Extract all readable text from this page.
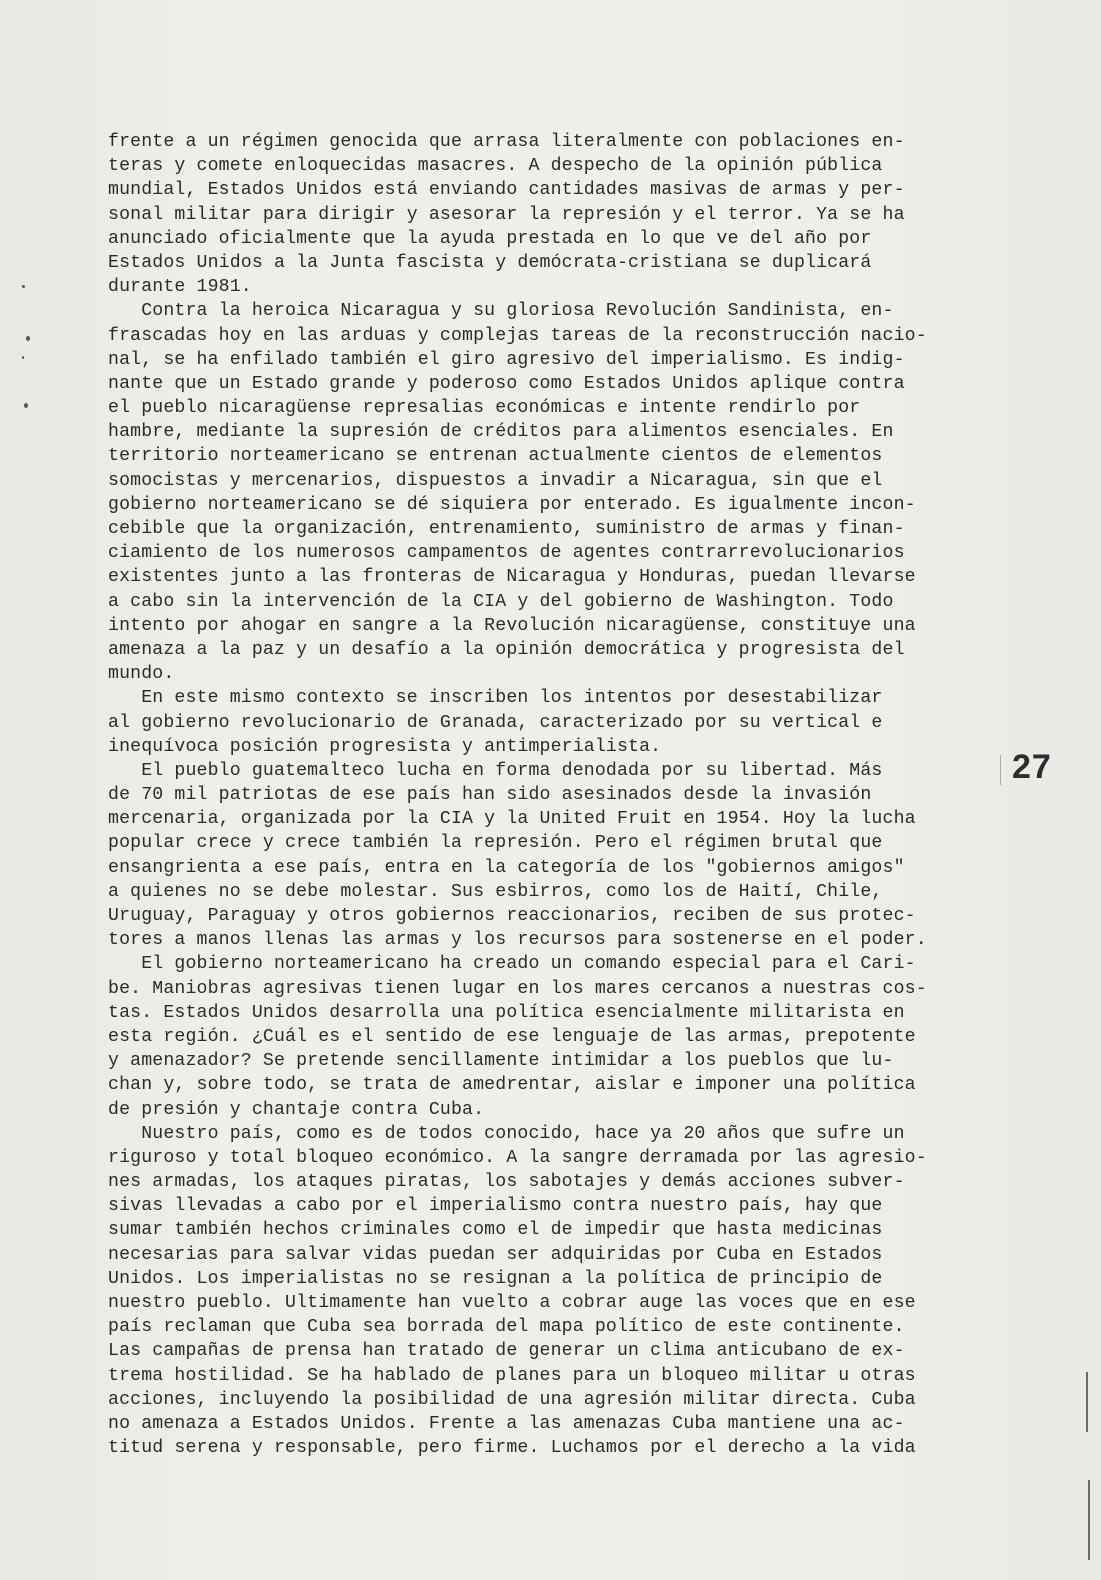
frente a un régimen genocida que arrasa literalmente con poblaciones en-
teras y comete enloquecidas masacres. A despecho de la opinión pública
mundial, Estados Unidos está enviando cantidades masivas de armas y per-
sonal militar para dirigir y asesorar la represión y el terror. Ya se ha
anunciado oficialmente que la ayuda prestada en lo que ve del año por
Estados Unidos a la Junta fascista y demócrata-cristiana se duplicará
durante 1981.
Contra la heroica Nicaragua y su gloriosa Revolución Sandinista, en-
frascadas hoy en las arduas y complejas tareas de la reconstrucción nacio-
nal, se ha enfilado también el giro agresivo del imperialismo. Es indig-
nante que un Estado grande y poderoso como Estados Unidos aplique contra
el pueblo nicaragüense represalias económicas e intente rendirlo por
hambre, mediante la supresión de créditos para alimentos esenciales. En
territorio norteamericano se entrenan actualmente cientos de elementos
somocistas y mercenarios, dispuestos a invadir a Nicaragua, sin que el
gobierno norteamericano se dé siquiera por enterado. Es igualmente incon-
cebible que la organización, entrenamiento, suministro de armas y finan-
ciamiento de los numerosos campamentos de agentes contrarrevolucionarios
existentes junto a las fronteras de Nicaragua y Honduras, puedan llevarse
a cabo sin la intervención de la CIA y del gobierno de Washington. Todo
intento por ahogar en sangre a la Revolución nicaragüense, constituye una
amenaza a la paz y un desafío a la opinión democrática y progresista del
mundo.
En este mismo contexto se inscriben los intentos por desestabilizar
al gobierno revolucionario de Granada, caracterizado por su vertical e
inequívoca posición progresista y antimperialista.
El pueblo guatemalteco lucha en forma denodada por su libertad. Más
de 70 mil patriotas de ese país han sido asesinados desde la invasión
mercenaria, organizada por la CIA y la United Fruit en 1954. Hoy la lucha
popular crece y crece también la represión. Pero el régimen brutal que
ensangrienta a ese país, entra en la categoría de los "gobiernos amigos"
a quienes no se debe molestar. Sus esbirros, como los de Haití, Chile,
Uruguay, Paraguay y otros gobiernos reaccionarios, reciben de sus protec-
tores a manos llenas las armas y los recursos para sostenerse en el poder.
El gobierno norteamericano ha creado un comando especial para el Cari-
be. Maniobras agresivas tienen lugar en los mares cercanos a nuestras cos-
tas. Estados Unidos desarrolla una política esencialmente militarista en
esta región. ¿Cuál es el sentido de ese lenguaje de las armas, prepotente
y amenazador? Se pretende sencillamente intimidar a los pueblos que lu-
chan y, sobre todo, se trata de amedrentar, aislar e imponer una política
de presión y chantaje contra Cuba.
Nuestro país, como es de todos conocido, hace ya 20 años que sufre un
riguroso y total bloqueo económico. A la sangre derramada por las agresio-
nes armadas, los ataques piratas, los sabotajes y demás acciones subver-
sivas llevadas a cabo por el imperialismo contra nuestro país, hay que
sumar también hechos criminales como el de impedir que hasta medicinas
necesarias para salvar vidas puedan ser adquiridas por Cuba en Estados
Unidos. Los imperialistas no se resignan a la política de principio de
nuestro pueblo. Ultimamente han vuelto a cobrar auge las voces que en ese
país reclaman que Cuba sea borrada del mapa político de este continente.
Las campañas de prensa han tratado de generar un clima anticubano de ex-
trema hostilidad. Se ha hablado de planes para un bloqueo militar u otras
acciones, incluyendo la posibilidad de una agresión militar directa. Cuba
no amenaza a Estados Unidos. Frente a las amenazas Cuba mantiene una ac-
titud serena y responsable, pero firme. Luchamos por el derecho a la vida
27
